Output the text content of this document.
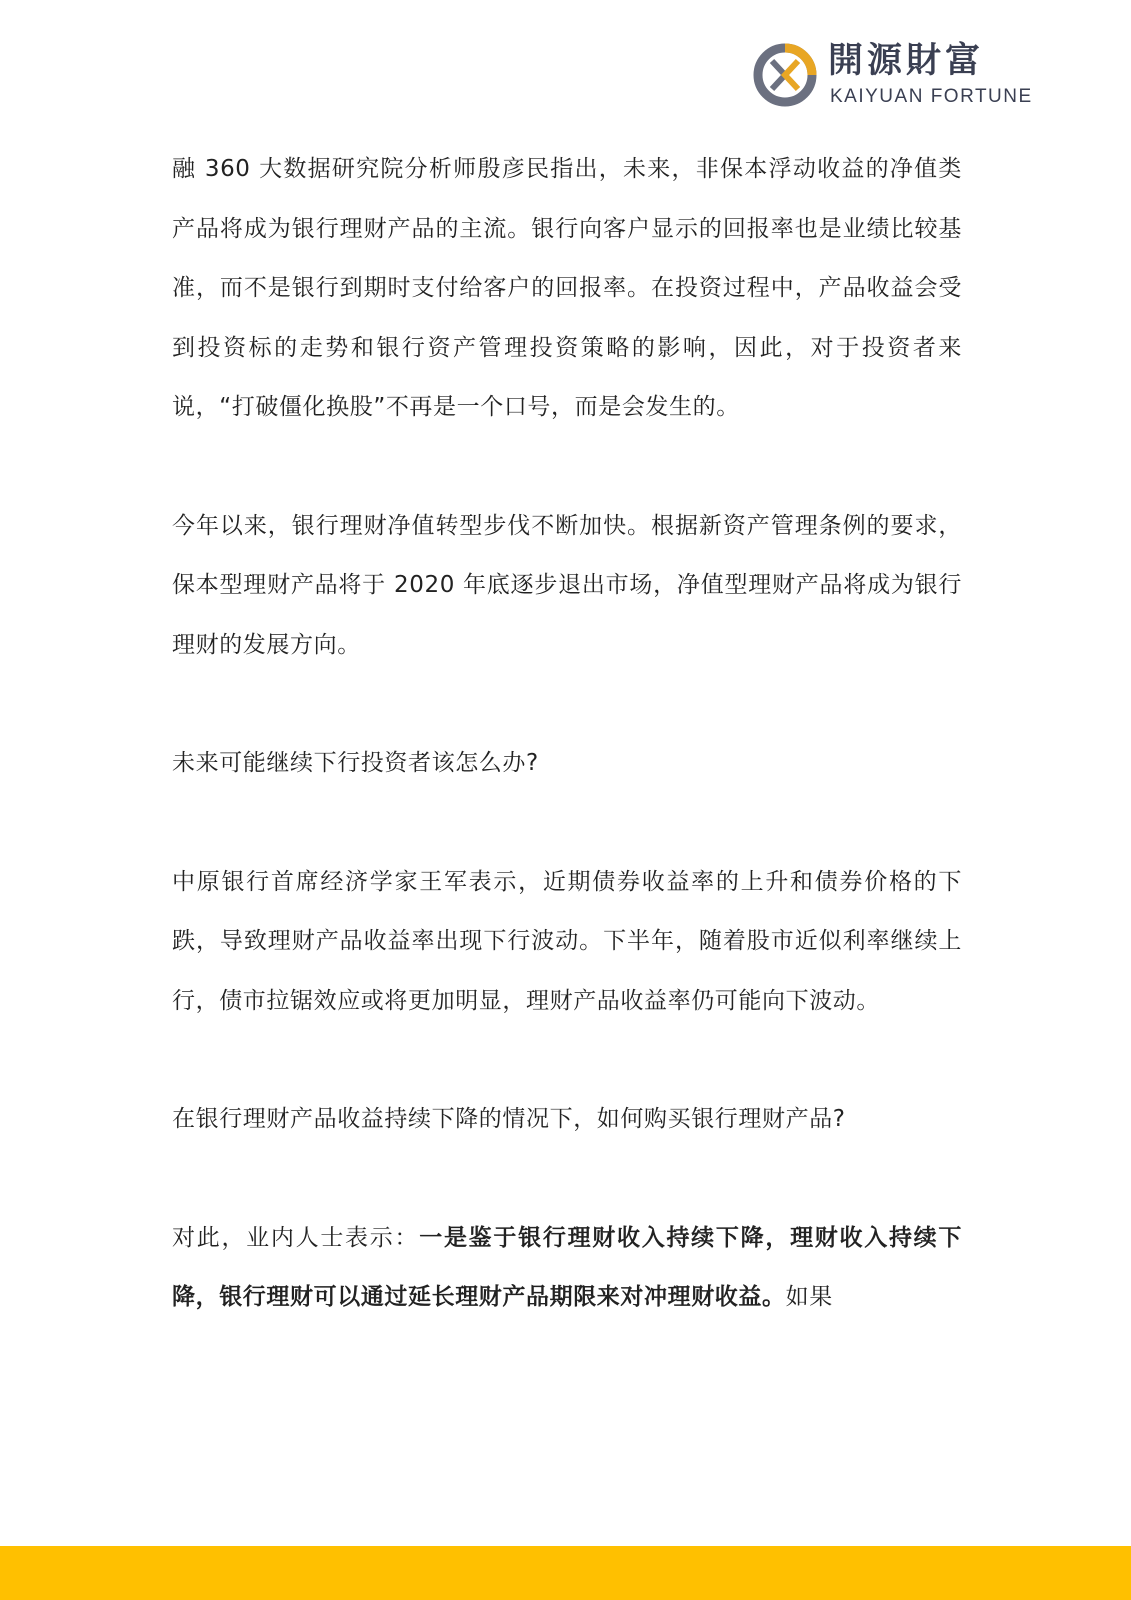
開源財富
KAIYUAN FORTUNE

融 360 大数据研究院分析师殷彦民指出，未来，非保本浮动收益的净值类产品将成为银行理财产品的主流。银行向客户显示的回报率也是业绩比较基准，而不是银行到期时支付给客户的回报率。在投资过程中，产品收益会受到投资标的走势和银行资产管理投资策略的影响，因此，对于投资者来说，“打破僵化换股”不再是一个口号，而是会发生的。

今年以来，银行理财净值转型步伐不断加快。根据新资产管理条例的要求，保本型理财产品将于 2020 年底逐步退出市场，净值型理财产品将成为银行理财的发展方向。

未来可能继续下行投资者该怎么办?

中原银行首席经济学家王军表示，近期债券收益率的上升和债券价格的下跌，导致理财产品收益率出现下行波动。下半年，随着股市近似利率继续上行，债市拉锯效应或将更加明显，理财产品收益率仍可能向下波动。

在银行理财产品收益持续下降的情况下，如何购买银行理财产品?

对此，业内人士表示：一是鉴于银行理财收入持续下降，理财收入持续下降，银行理财可以通过延长理财产品期限来对冲理财收益。如果
